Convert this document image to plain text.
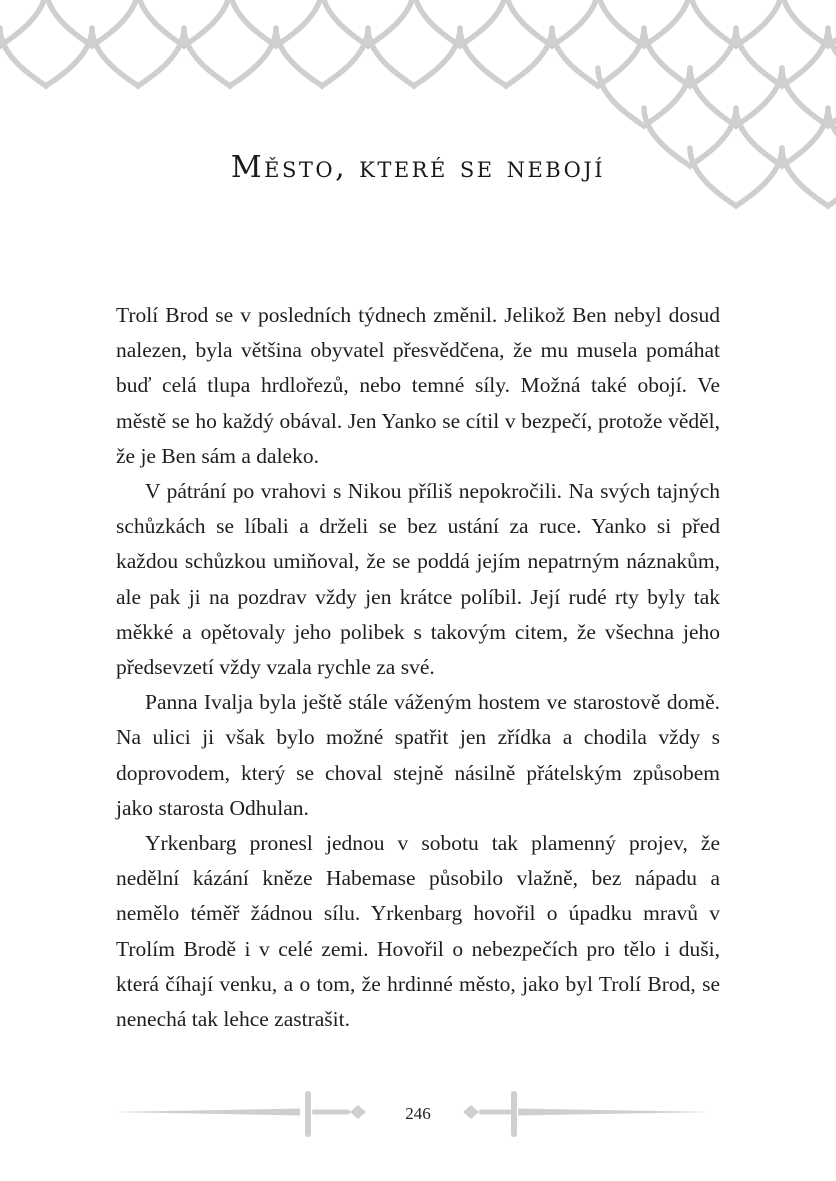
Město, které se nebojí

Trolí Brod se v posledních týdnech změnil. Jelikož Ben nebyl dosud nalezen, byla většina obyvatel přesvědčena, že mu musela pomáhat buď celá tlupa hrdlořezů, nebo temné síly. Možná také obojí. Ve městě se ho každý obával. Jen Yanko se cítil v bezpečí, protože věděl, že je Ben sám a daleko.

V pátrání po vrahovi s Nikou příliš nepokročili. Na svých tajných schůzkách se líbali a drželi se bez ustání za ruce. Yanko si před každou schůzkou umiňoval, že se poddá jejím nepatrným náznakům, ale pak ji na pozdrav vždy jen krátce políbil. Její rudé rty byly tak měkké a opětovaly jeho polibek s takovým citem, že všechna jeho předsevzetí vždy vzala rychle za své.

Panna Ivalja byla ještě stále váženým hostem ve starostově domě. Na ulici ji však bylo možné spatřit jen zřídka a chodila vždy s doprovodem, který se choval stejně násilně přátelským způsobem jako starosta Odhulan.

Yrkenbarg pronesl jednou v sobotu tak plamenný projev, že nedělní kázání kněze Habemase působilo vlažně, bez nápadu a nemělo téměř žádnou sílu. Yrkenbarg hovořil o úpadku mravů v Trolím Brodě i v celé zemi. Hovořil o nebezpečích pro tělo i duši, která číhají venku, a o tom, že hrdinné město, jako byl Trolí Brod, se nenechá tak lehce zastrašit.

246
